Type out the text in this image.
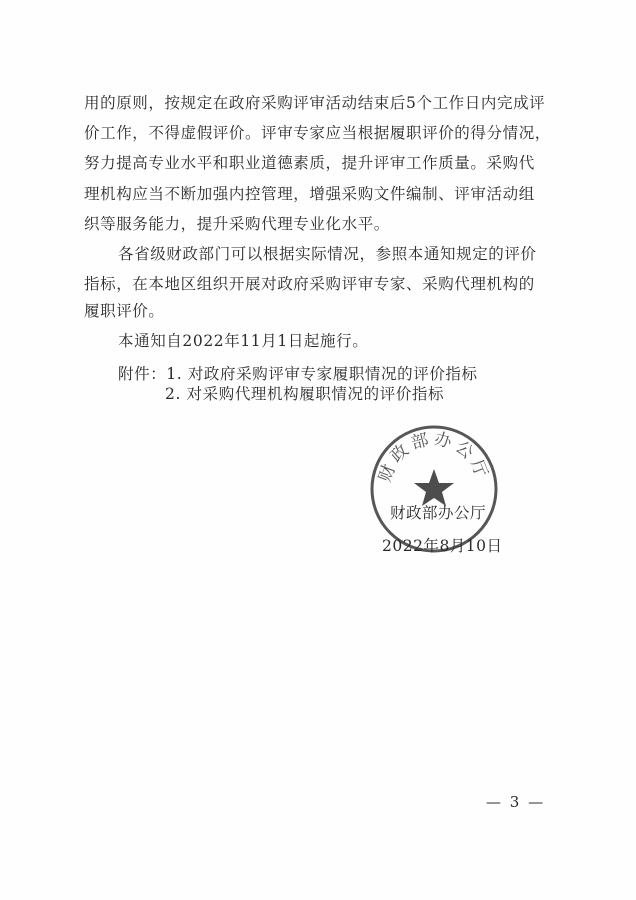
用的原则，按规定在政府采购评审活动结束后5个工作日内完成评
价工作，不得虚假评价。评审专家应当根据履职评价的得分情况，
努力提高专业水平和职业道德素质，提升评审工作质量。采购代
理机构应当不断加强内控管理，增强采购文件编制、评审活动组
织等服务能力，提升采购代理专业化水平。
各省级财政部门可以根据实际情况，参照本通知规定的评价
指标，在本地区组织开展对政府采购评审专家、采购代理机构的
履职评价。
本通知自2022年11月1日起施行。
附件：1. 对政府采购评审专家履职情况的评价指标
2. 对采购代理机构履职情况的评价指标
财政部办公厅
财政部办公厅
2022年8月10日
— 3 —
